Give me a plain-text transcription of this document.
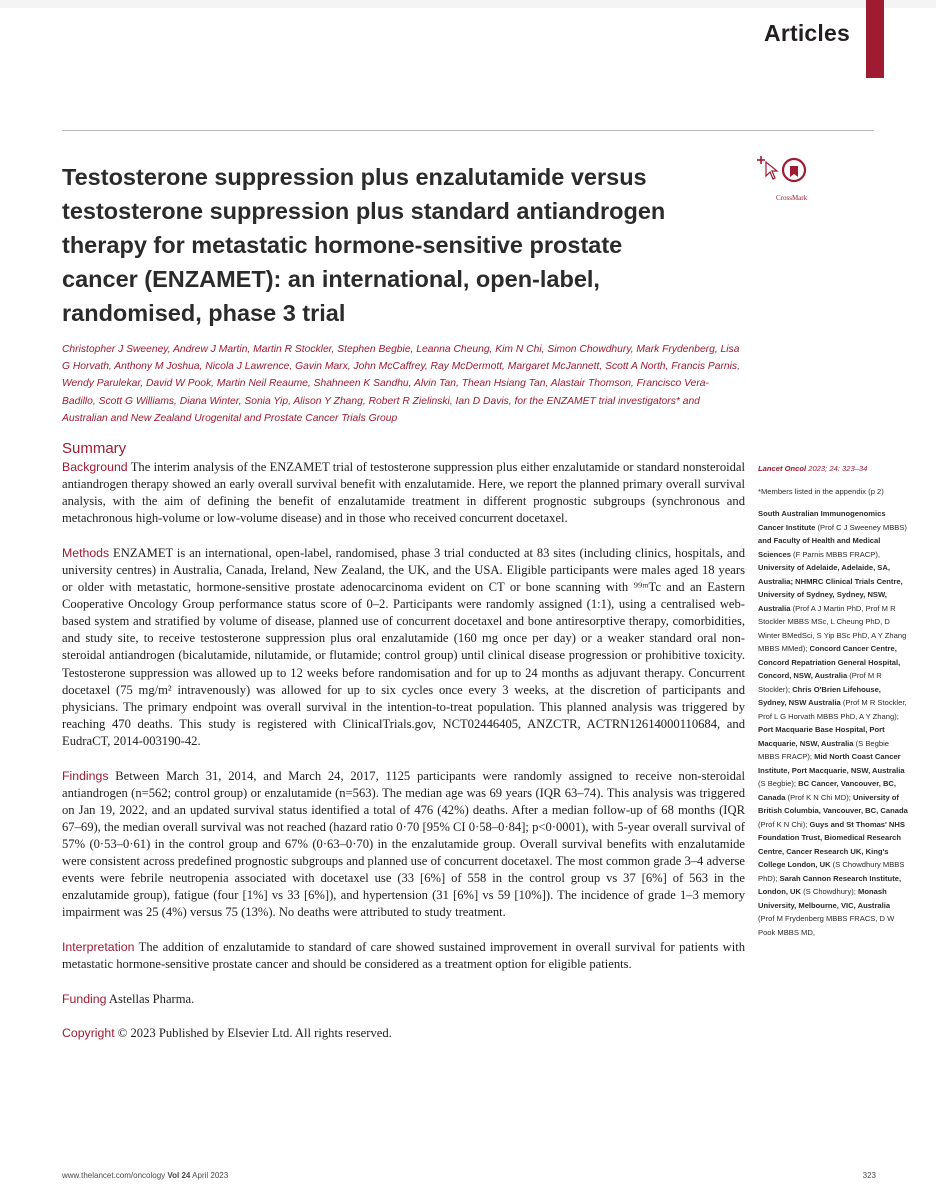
Articles
Testosterone suppression plus enzalutamide versus testosterone suppression plus standard antiandrogen therapy for metastatic hormone-sensitive prostate cancer (ENZAMET): an international, open-label, randomised, phase 3 trial
CrossMark
Christopher J Sweeney, Andrew J Martin, Martin R Stockler, Stephen Begbie, Leanna Cheung, Kim N Chi, Simon Chowdhury, Mark Frydenberg, Lisa G Horvath, Anthony M Joshua, Nicola J Lawrence, Gavin Marx, John McCaffrey, Ray McDermott, Margaret McJannett, Scott A North, Francis Parnis, Wendy Parulekar, David W Pook, Martin Neil Reaume, Shahneen K Sandhu, Alvin Tan, Thean Hsiang Tan, Alastair Thomson, Francisco Vera-Badillo, Scott G Williams, Diana Winter, Sonia Yip, Alison Y Zhang, Robert R Zielinski, Ian D Davis, for the ENZAMET trial investigators* and Australian and New Zealand Urogenital and Prostate Cancer Trials Group
Summary

Background The interim analysis of the ENZAMET trial of testosterone suppression plus either enzalutamide or standard nonsteroidal antiandrogen therapy showed an early overall survival benefit with enzalutamide. Here, we report the planned primary overall survival analysis, with the aim of defining the benefit of enzalutamide treatment in different prognostic subgroups (synchronous and metachronous high-volume or low-volume disease) and in those who received concurrent docetaxel.

Methods ENZAMET is an international, open-label, randomised, phase 3 trial conducted at 83 sites (including clinics, hospitals, and university centres) in Australia, Canada, Ireland, New Zealand, the UK, and the USA. Eligible participants were males aged 18 years or older with metastatic, hormone-sensitive prostate adenocarcinoma evident on CT or bone scanning with ⁹⁹ᵐTc and an Eastern Cooperative Oncology Group performance status score of 0–2. Participants were randomly assigned (1:1), using a centralised web-based system and stratified by volume of disease, planned use of concurrent docetaxel and bone antiresorptive therapy, comorbidities, and study site, to receive testosterone suppression plus oral enzalutamide (160 mg once per day) or a weaker standard oral non-steroidal antiandrogen (bicalutamide, nilutamide, or flutamide; control group) until clinical disease progression or prohibitive toxicity. Testosterone suppression was allowed up to 12 weeks before randomisation and for up to 24 months as adjuvant therapy. Concurrent docetaxel (75 mg/m² intravenously) was allowed for up to six cycles once every 3 weeks, at the discretion of participants and physicians. The primary endpoint was overall survival in the intention-to-treat population. This planned analysis was triggered by reaching 470 deaths. This study is registered with ClinicalTrials.gov, NCT02446405, ANZCTR, ACTRN12614000110684, and EudraCT, 2014-003190-42.

Findings Between March 31, 2014, and March 24, 2017, 1125 participants were randomly assigned to receive non-steroidal antiandrogen (n=562; control group) or enzalutamide (n=563). The median age was 69 years (IQR 63–74). This analysis was triggered on Jan 19, 2022, and an updated survival status identified a total of 476 (42%) deaths. After a median follow-up of 68 months (IQR 67–69), the median overall survival was not reached (hazard ratio 0·70 [95% CI 0·58–0·84]; p<0·0001), with 5-year overall survival of 57% (0·53–0·61) in the control group and 67% (0·63–0·70) in the enzalutamide group. Overall survival benefits with enzalutamide were consistent across predefined prognostic subgroups and planned use of concurrent docetaxel. The most common grade 3–4 adverse events were febrile neutropenia associated with docetaxel use (33 [6%] of 558 in the control group vs 37 [6%] of 563 in the enzalutamide group), fatigue (four [1%] vs 33 [6%]), and hypertension (31 [6%] vs 59 [10%]). The incidence of grade 1–3 memory impairment was 25 (4%) versus 75 (13%). No deaths were attributed to study treatment.

Interpretation The addition of enzalutamide to standard of care showed sustained improvement in overall survival for patients with metastatic hormone-sensitive prostate cancer and should be considered as a treatment option for eligible patients.

Funding Astellas Pharma.

Copyright © 2023 Published by Elsevier Ltd. All rights reserved.

Lancet Oncol 2023; 24: 323–34
*Members listed in the appendix (p 2)
South Australian Immunogenomics Cancer Institute (Prof C J Sweeney MBBS) and Faculty of Health and Medical Sciences (F Parnis MBBS FRACP), University of Adelaide, Adelaide, SA, Australia; NHMRC Clinical Trials Centre, University of Sydney, Sydney, NSW, Australia (Prof A J Martin PhD, Prof M R Stockler MBBS MSc, L Cheung PhD, D Winter BMedSci, S Yip BSc PhD, A Y Zhang MBBS MMed); Concord Cancer Centre, Concord Repatriation General Hospital, Concord, NSW, Australia (Prof M R Stockler); Chris O'Brien Lifehouse, Sydney, NSW Australia (Prof M R Stockler, Prof L G Horvath MBBS PhD, A Y Zhang); Port Macquarie Base Hospital, Port Macquarie, NSW, Australia (S Begbie MBBS FRACP); Mid North Coast Cancer Institute, Port Macquarie, NSW, Australia (S Begbie); BC Cancer, Vancouver, BC, Canada (Prof K N Chi MD); University of British Columbia, Vancouver, BC, Canada (Prof K N Chi); Guys and St Thomas' NHS Foundation Trust, Biomedical Research Centre, Cancer Research UK, King's College London, UK (S Chowdhury MBBS PhD); Sarah Cannon Research Institute, London, UK (S Chowdhury); Monash University, Melbourne, VIC, Australia (Prof M Frydenberg MBBS FRACS, D W Pook MBBS MD,
www.thelancet.com/oncology Vol 24 April 2023	323
